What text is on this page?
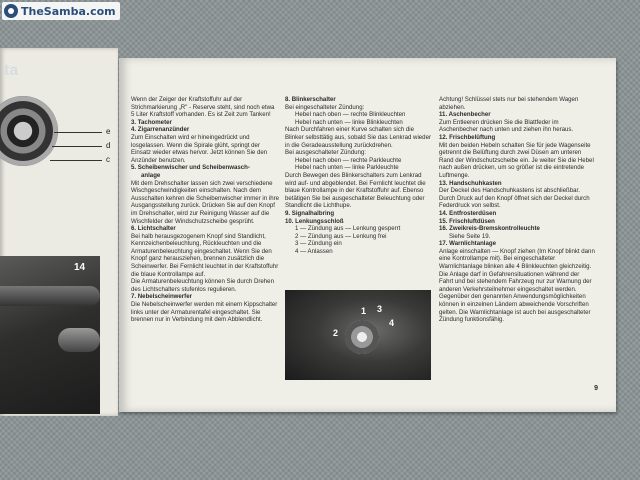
TheSamba.com
ta
e
d
c
14

Wenn der Zeiger der Kraftstoffuhr auf der Strichmarkierung „R" - Reserve steht, sind noch etwa 5 Liter Kraftstoff vorhanden. Es ist Zeit zum Tanken!

3. Tachometer

4. Zigarrenanzünder

Zum Einschalten wird er hineingedrückt und losgelassen. Wenn die Spirale glüht, springt der Einsatz wieder etwas hervor. Jetzt können Sie den Anzünder benutzen.

5. Scheibenwischer und Scheibenwasch-

anlage

Mit dem Drehschalter lassen sich zwei verschiedene Wischgeschwindigkeiten einschalten. Nach dem Ausschalten kehren die Scheibenwischer immer in ihre Ausgangsstellung zurück. Drücken Sie auf den Knopf im Drehschalter, wird zur Reinigung Wasser auf die Wischfelder der Windschutzscheibe gesprüht.

6. Lichtschalter

Bei halb herausgezogenem Knopf sind Standlicht, Kennzeichenbeleuchtung, Rückleuchten und die Armaturenbeleuchtung eingeschaltet. Wenn Sie den Knopf ganz herausziehen, brennen zusätzlich die Scheinwerfer. Bei Fernlicht leuchtet in der Kraftstoffuhr die blaue Kontrollampe auf.

Die Armaturenbeleuchtung können Sie durch Drehen des Lichtschalters stufenlos regulieren.

7. Nebelscheinwerfer

Die Nebelscheinwerfer werden mit einem Kippschalter links unter der Armaturentafel eingeschaltet. Sie brennen nur in Verbindung mit dem Abblendlicht.

8. Blinkerschalter

Bei eingeschalteter Zündung:

Hebel nach oben — rechte Blinkleuchten

Hebel nach unten — linke Blinkleuchten

Nach Durchfahren einer Kurve schalten sich die Blinker selbsttätig aus, sobald Sie das Lenkrad wieder in die Geradeausstellung zurückdrehen.

Bei ausgeschalteter Zündung:

Hebel nach oben — rechte Parkleuchte

Hebel nach unten — linke Parkleuchte

Durch Bewegen des Blinkerschalters zum Lenkrad wird auf- und abgeblendet. Bei Fernlicht leuchtet die blaue Kontrollampe in der Kraftstoffuhr auf. Ebenso betätigen Sie bei ausgeschalteter Beleuchtung oder Standlicht die Lichthupe.

9. Signalhalbring

10. Lenkungsschloß

1 — Zündung aus — Lenkung gesperrt

2 — Zündung aus — Lenkung frei

3 — Zündung ein

4 — Anlassen

Achtung! Schlüssel stets nur bei stehendem Wagen abziehen.

11. Aschenbecher

Zum Entleeren drücken Sie die Blattfeder im Aschenbecher nach unten und ziehen ihn heraus.

12. Frischbelüftung

Mit den beiden Hebeln schalten Sie für jede Wagenseite getrennt die Belüftung durch zwei Düsen am unteren Rand der Windschutzscheibe ein. Je weiter Sie die Hebel nach außen drücken, um so größer ist die eintretende Luftmenge.

13. Handschuhkasten

Der Deckel des Handschuhkastens ist abschließbar. Durch Druck auf den Knopf öffnet sich der Deckel durch Federdruck von selbst.

14. Entfrosterdüsen

15. Frischluftdüsen

16. Zweikreis-Bremskontrolleuchte

Siehe Seite 19.

17. Warnlichtanlage

Anlage einschalten — Knopf ziehen (Im Knopf blinkt dann eine Kontrollampe mit). Bei eingeschalteter Warnlichtanlage blinken alle 4 Blinkleuchten gleichzeitig. Die Anlage darf in Gefahrensituationen während der Fahrt und bei stehendem Fahrzeug nur zur Warnung der anderen Verkehrsteilnehmer eingeschaltet werden. Gegenüber den genannten Anwendungsmöglichkeiten können in einzelnen Ländern abweichende Vorschriften gelten. Die Warnlichtanlage ist auch bei ausgeschalteter Zündung funktionsfähig.

1
2
3
4
9
